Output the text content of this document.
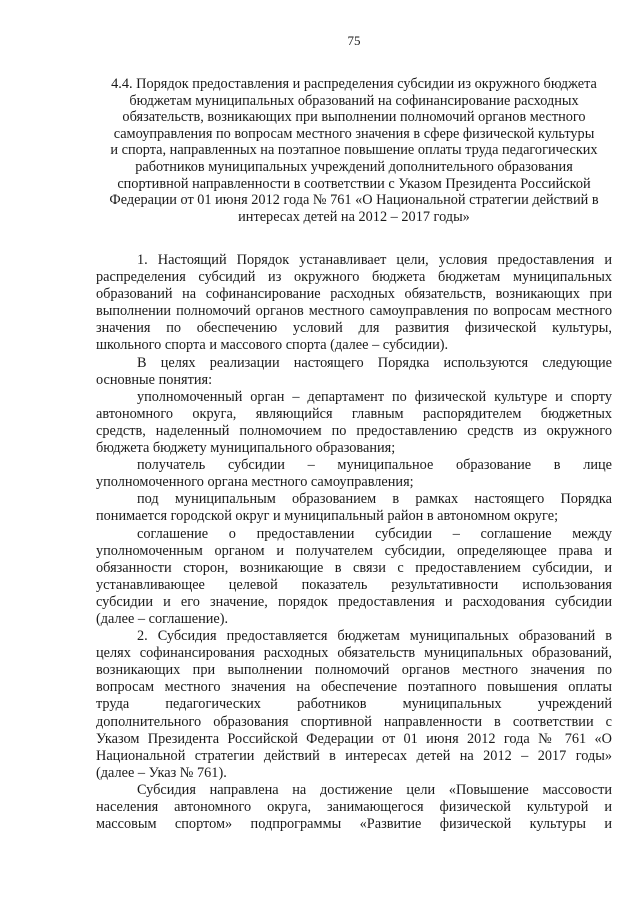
75
4.4. Порядок предоставления и распределения субсидии из окружного бюджета
бюджетам муниципальных образований на софинансирование расходных
обязательств, возникающих при выполнении полномочий органов местного
самоуправления по вопросам местного значения в сфере физической культуры
и спорта, направленных на поэтапное повышение оплаты труда педагогических
работников муниципальных учреждений дополнительного образования
спортивной направленности в соответствии с Указом Президента Российской
Федерации от 01 июня 2012 года № 761 «О Национальной стратегии действий в
интересах детей на 2012 – 2017 годы»
1. Настоящий Порядок устанавливает цели, условия предоставления и
распределения субсидий из окружного бюджета бюджетам муниципальных
образований на софинансирование расходных обязательств, возникающих при
выполнении полномочий органов местного самоуправления по вопросам местного
значения по обеспечению условий для развития физической культуры,
школьного спорта и массового спорта (далее – субсидии).
В целях реализации настоящего Порядка используются следующие
основные понятия:
уполномоченный орган – департамент по физической культуре и спорту
автономного округа, являющийся главным распорядителем бюджетных
средств, наделенный полномочием по предоставлению средств из окружного
бюджета бюджету муниципального образования;
получатель субсидии – муниципальное образование в лице
уполномоченного органа местного самоуправления;
под муниципальным образованием в рамках настоящего Порядка
понимается городской округ и муниципальный район в автономном округе;
соглашение о предоставлении субсидии – соглашение между
уполномоченным органом и получателем субсидии, определяющее права и
обязанности сторон, возникающие в связи с предоставлением субсидии, и
устанавливающее целевой показатель результативности использования
субсидии и его значение, порядок предоставления и расходования субсидии
(далее – соглашение).
2. Субсидия предоставляется бюджетам муниципальных образований в
целях софинансирования расходных обязательств муниципальных образований,
возникающих при выполнении полномочий органов местного значения по
вопросам местного значения на обеспечение поэтапного повышения оплаты
труда педагогических работников муниципальных учреждений
дополнительного образования спортивной направленности в соответствии с
Указом Президента Российской Федерации от 01 июня 2012 года № 761 «О
Национальной стратегии действий в интересах детей на 2012 – 2017 годы»
(далее – Указ № 761).
Субсидия направлена на достижение цели «Повышение массовости
населения автономного округа, занимающегося физической культурой и
массовым спортом» подпрограммы «Развитие физической культуры и
